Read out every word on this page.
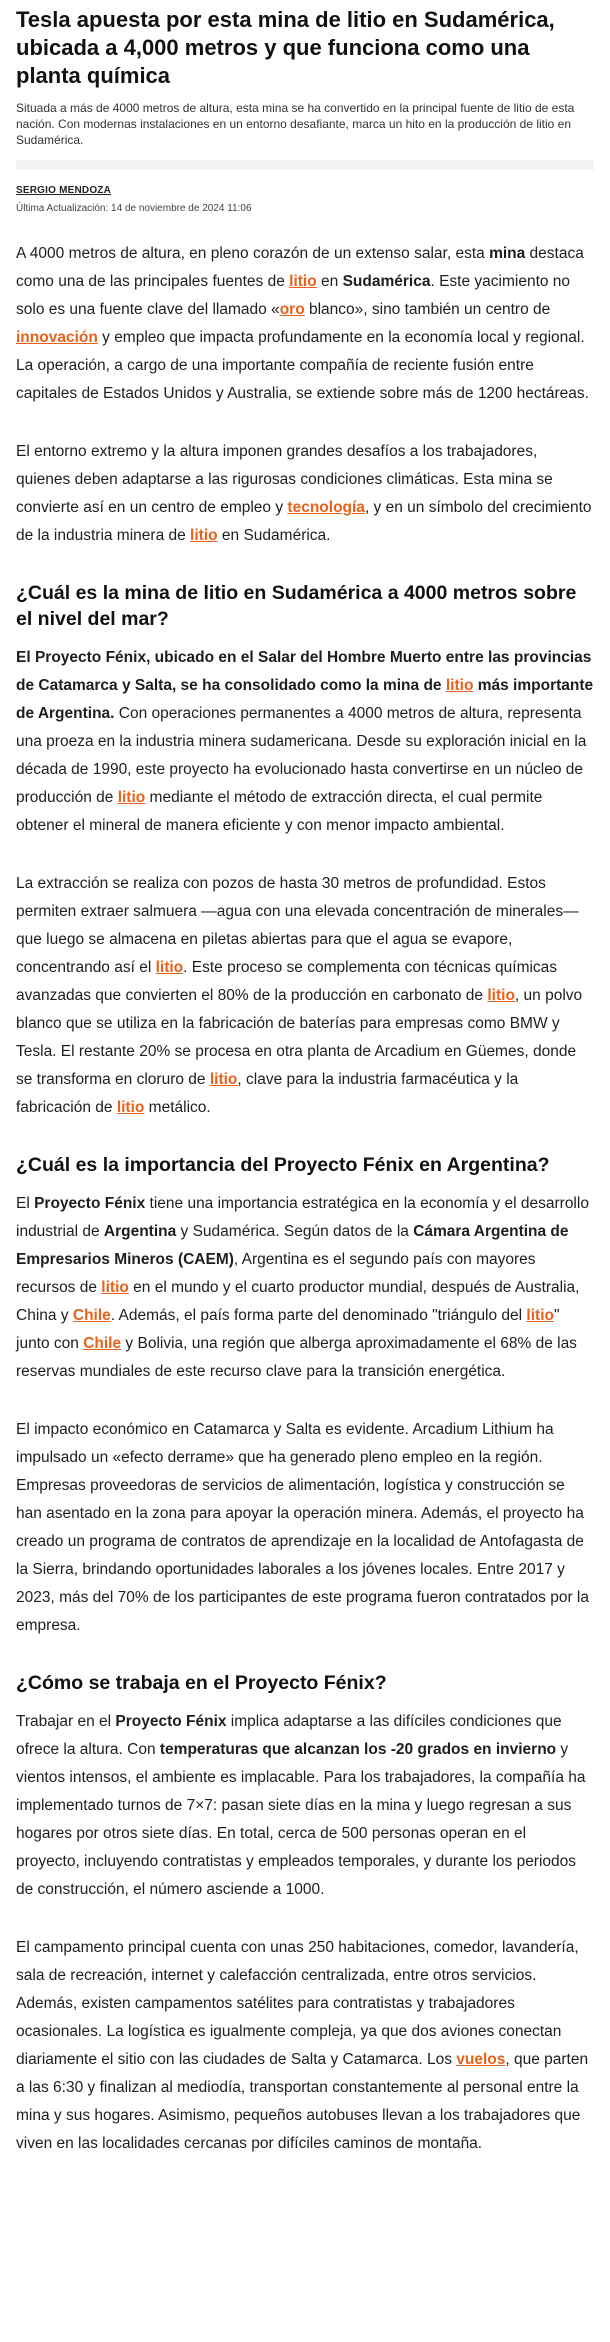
Tesla apuesta por esta mina de litio en Sudamérica, ubicada a 4,000 metros y que funciona como una planta química

Situada a más de 4000 metros de altura, esta mina se ha convertido en la principal fuente de litio de esta nación. Con modernas instalaciones en un entorno desafiante, marca un hito en la producción de litio en Sudamérica.

SERGIO MENDOZA
Última Actualización: 14 de noviembre de 2024 11:06

A 4000 metros de altura, en pleno corazón de un extenso salar, esta mina destaca como una de las principales fuentes de litio en Sudamérica. Este yacimiento no solo es una fuente clave del llamado «oro blanco», sino también un centro de innovación y empleo que impacta profundamente en la economía local y regional. La operación, a cargo de una importante compañía de reciente fusión entre capitales de Estados Unidos y Australia, se extiende sobre más de 1200 hectáreas.

El entorno extremo y la altura imponen grandes desafíos a los trabajadores, quienes deben adaptarse a las rigurosas condiciones climáticas. Esta mina se convierte así en un centro de empleo y tecnología, y en un símbolo del crecimiento de la industria minera de litio en Sudamérica.

¿Cuál es la mina de litio en Sudamérica a 4000 metros sobre el nivel del mar?

El Proyecto Fénix, ubicado en el Salar del Hombre Muerto entre las provincias de Catamarca y Salta, se ha consolidado como la mina de litio más importante de Argentina. Con operaciones permanentes a 4000 metros de altura, representa una proeza en la industria minera sudamericana. Desde su exploración inicial en la década de 1990, este proyecto ha evolucionado hasta convertirse en un núcleo de producción de litio mediante el método de extracción directa, el cual permite obtener el mineral de manera eficiente y con menor impacto ambiental.

La extracción se realiza con pozos de hasta 30 metros de profundidad. Estos permiten extraer salmuera —agua con una elevada concentración de minerales— que luego se almacena en piletas abiertas para que el agua se evapore, concentrando así el litio. Este proceso se complementa con técnicas químicas avanzadas que convierten el 80% de la producción en carbonato de litio, un polvo blanco que se utiliza en la fabricación de baterías para empresas como BMW y Tesla. El restante 20% se procesa en otra planta de Arcadium en Güemes, donde se transforma en cloruro de litio, clave para la industria farmacéutica y la fabricación de litio metálico.

¿Cuál es la importancia del Proyecto Fénix en Argentina?

El Proyecto Fénix tiene una importancia estratégica en la economía y el desarrollo industrial de Argentina y Sudamérica. Según datos de la Cámara Argentina de Empresarios Mineros (CAEM), Argentina es el segundo país con mayores recursos de litio en el mundo y el cuarto productor mundial, después de Australia, China y Chile. Además, el país forma parte del denominado "triángulo del litio" junto con Chile y Bolivia, una región que alberga aproximadamente el 68% de las reservas mundiales de este recurso clave para la transición energética.

El impacto económico en Catamarca y Salta es evidente. Arcadium Lithium ha impulsado un «efecto derrame» que ha generado pleno empleo en la región. Empresas proveedoras de servicios de alimentación, logística y construcción se han asentado en la zona para apoyar la operación minera. Además, el proyecto ha creado un programa de contratos de aprendizaje en la localidad de Antofagasta de la Sierra, brindando oportunidades laborales a los jóvenes locales. Entre 2017 y 2023, más del 70% de los participantes de este programa fueron contratados por la empresa.

¿Cómo se trabaja en el Proyecto Fénix?

Trabajar en el Proyecto Fénix implica adaptarse a las difíciles condiciones que ofrece la altura. Con temperaturas que alcanzan los -20 grados en invierno y vientos intensos, el ambiente es implacable. Para los trabajadores, la compañía ha implementado turnos de 7×7: pasan siete días en la mina y luego regresan a sus hogares por otros siete días. En total, cerca de 500 personas operan en el proyecto, incluyendo contratistas y empleados temporales, y durante los periodos de construcción, el número asciende a 1000.

El campamento principal cuenta con unas 250 habitaciones, comedor, lavandería, sala de recreación, internet y calefacción centralizada, entre otros servicios. Además, existen campamentos satélites para contratistas y trabajadores ocasionales. La logística es igualmente compleja, ya que dos aviones conectan diariamente el sitio con las ciudades de Salta y Catamarca. Los vuelos, que parten a las 6:30 y finalizan al mediodía, transportan constantemente al personal entre la mina y sus hogares. Asimismo, pequeños autobuses llevan a los trabajadores que viven en las localidades cercanas por difíciles caminos de montaña.
